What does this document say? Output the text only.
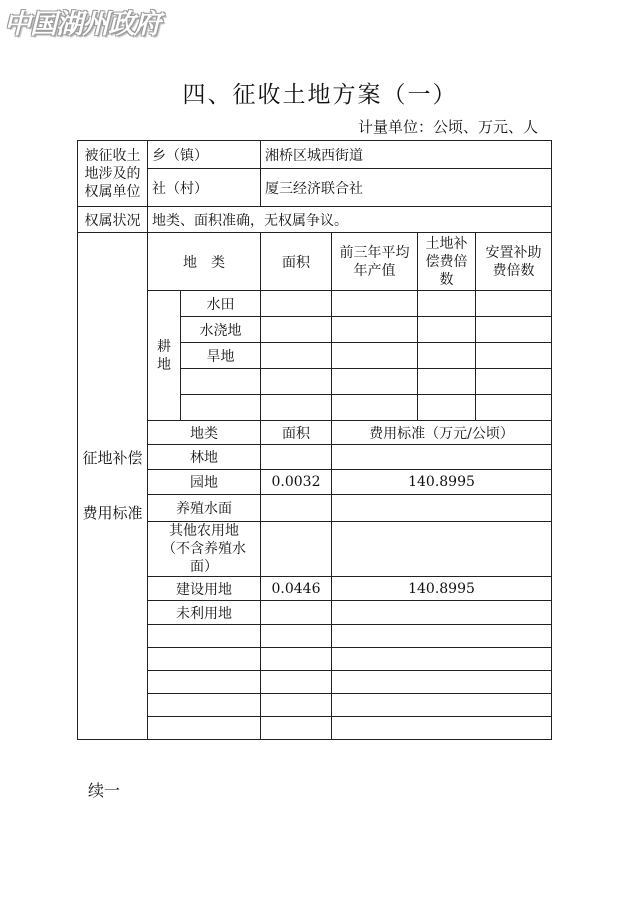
中国湖州政府
四、征收土地方案（一）
计量单位：公顷、万元、人
被征收土地涉及的权属单位	乡（镇）		湘桥区城西街道			
	社（村）		厦三经济联合社			
权属状况	地类、面积准确，无权属争议。					
征地补偿费用标准	地　类		面积	前三年平均年产值	土地补偿费倍数	安置补助费倍数
	耕地	水田				
		水浇地				
		旱地				

	地类		面积	费用标准（万元/公顷）		
	林地					
	园地		0.0032	140.8995		
	养殖水面					

	其他农用地
（不含养殖水面）					

	建设用地		0.0446	140.8995		
	未利用地					

续一
